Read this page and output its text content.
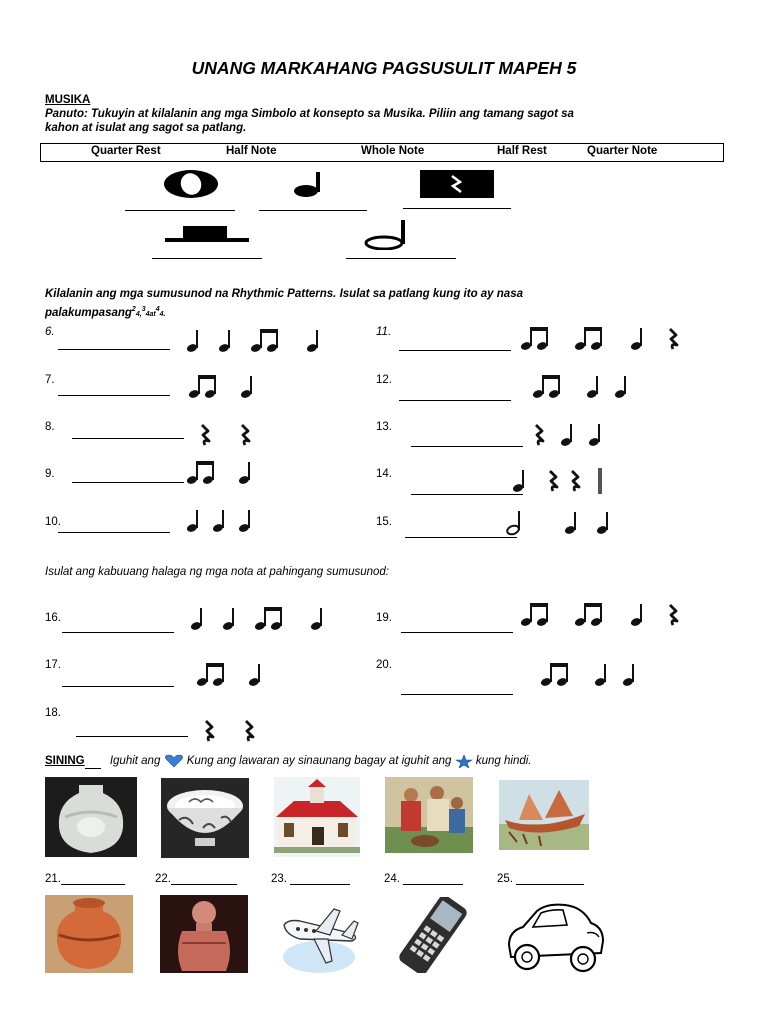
UNANG MARKAHANG PAGSUSULIT MAPEH 5
MUSIKA
Panuto: Tukuyin at kilalanin ang mga Simbolo at konsepto sa Musika. Piliin ang tamang sagot sa
kahon at isulat ang sagot sa patlang.
Quarter Rest	Half Note	Whole Note	Half Rest	Quarter Note
Kilalanin ang mga sumusunod na Rhythmic Patterns. Isulat sa patlang kung ito ay nasa
$palakumpasang^24,^34at^44$.
6.
7.
8.
9.
10.
11.
12.
13.
14.
15.
Isulat ang kabuuang halaga ng mga nota at pahingang sumusunod:
16.
17.
18.
19.
20.
SINING Iguhit ang Kung ang lawaran ay sinaunang bagay at iguhit ang kung hindi.
21.	22.	23.	24.	25.
